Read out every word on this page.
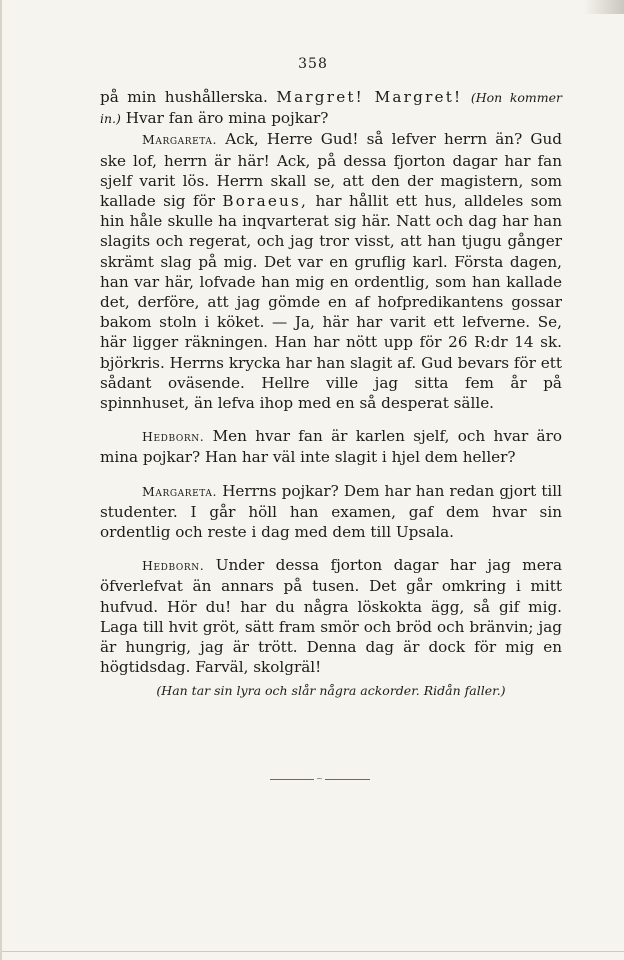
358

på min hushållerska. Margret! Margret! (Hon kommer in.) Hvar fan äro mina pojkar?

Margareta. Ack, Herre Gud! så lefver herrn än? Gud ske lof, herrn är här! Ack, på dessa fjorton dagar har fan sjelf varit lös. Herrn skall se, att den der magistern, som kallade sig för Boraeus, har hållit ett hus, alldeles som hin håle skulle ha inqvarterat sig här. Natt och dag har han slagits och regerat, och jag tror visst, att han tjugu gånger skrämt slag på mig. Det var en gruflig karl. Första dagen, han var här, lofvade han mig en ordentlig, som han kallade det, derföre, att jag gömde en af hofpredikantens gossar bakom stoln i köket. — Ja, här har varit ett lefverne. Se, här ligger räkningen. Han har nött upp för 26 R:dr 14 sk. björkris. Herrns krycka har han slagit af. Gud bevars för ett sådant oväsende. Hellre ville jag sitta fem år på spinnhuset, än lefva ihop med en så desperat sälle.

Hedborn. Men hvar fan är karlen sjelf, och hvar äro mina pojkar? Han har väl inte slagit i hjel dem heller?

Margareta. Herrns pojkar? Dem har han redan gjort till studenter. I går höll han examen, gaf dem hvar sin ordentlig och reste i dag med dem till Upsala.

Hedborn. Under dessa fjorton dagar har jag mera öfverlefvat än annars på tusen. Det går omkring i mitt hufvud. Hör du! har du några löskokta ägg, så gif mig. Laga till hvit gröt, sätt fram smör och bröd och bränvin; jag är hungrig, jag är trött. Denna dag är dock för mig en högtidsdag. Farväl, skolgräl!

(Han tar sin lyra och slår några ackorder. Ridån faller.)

~
